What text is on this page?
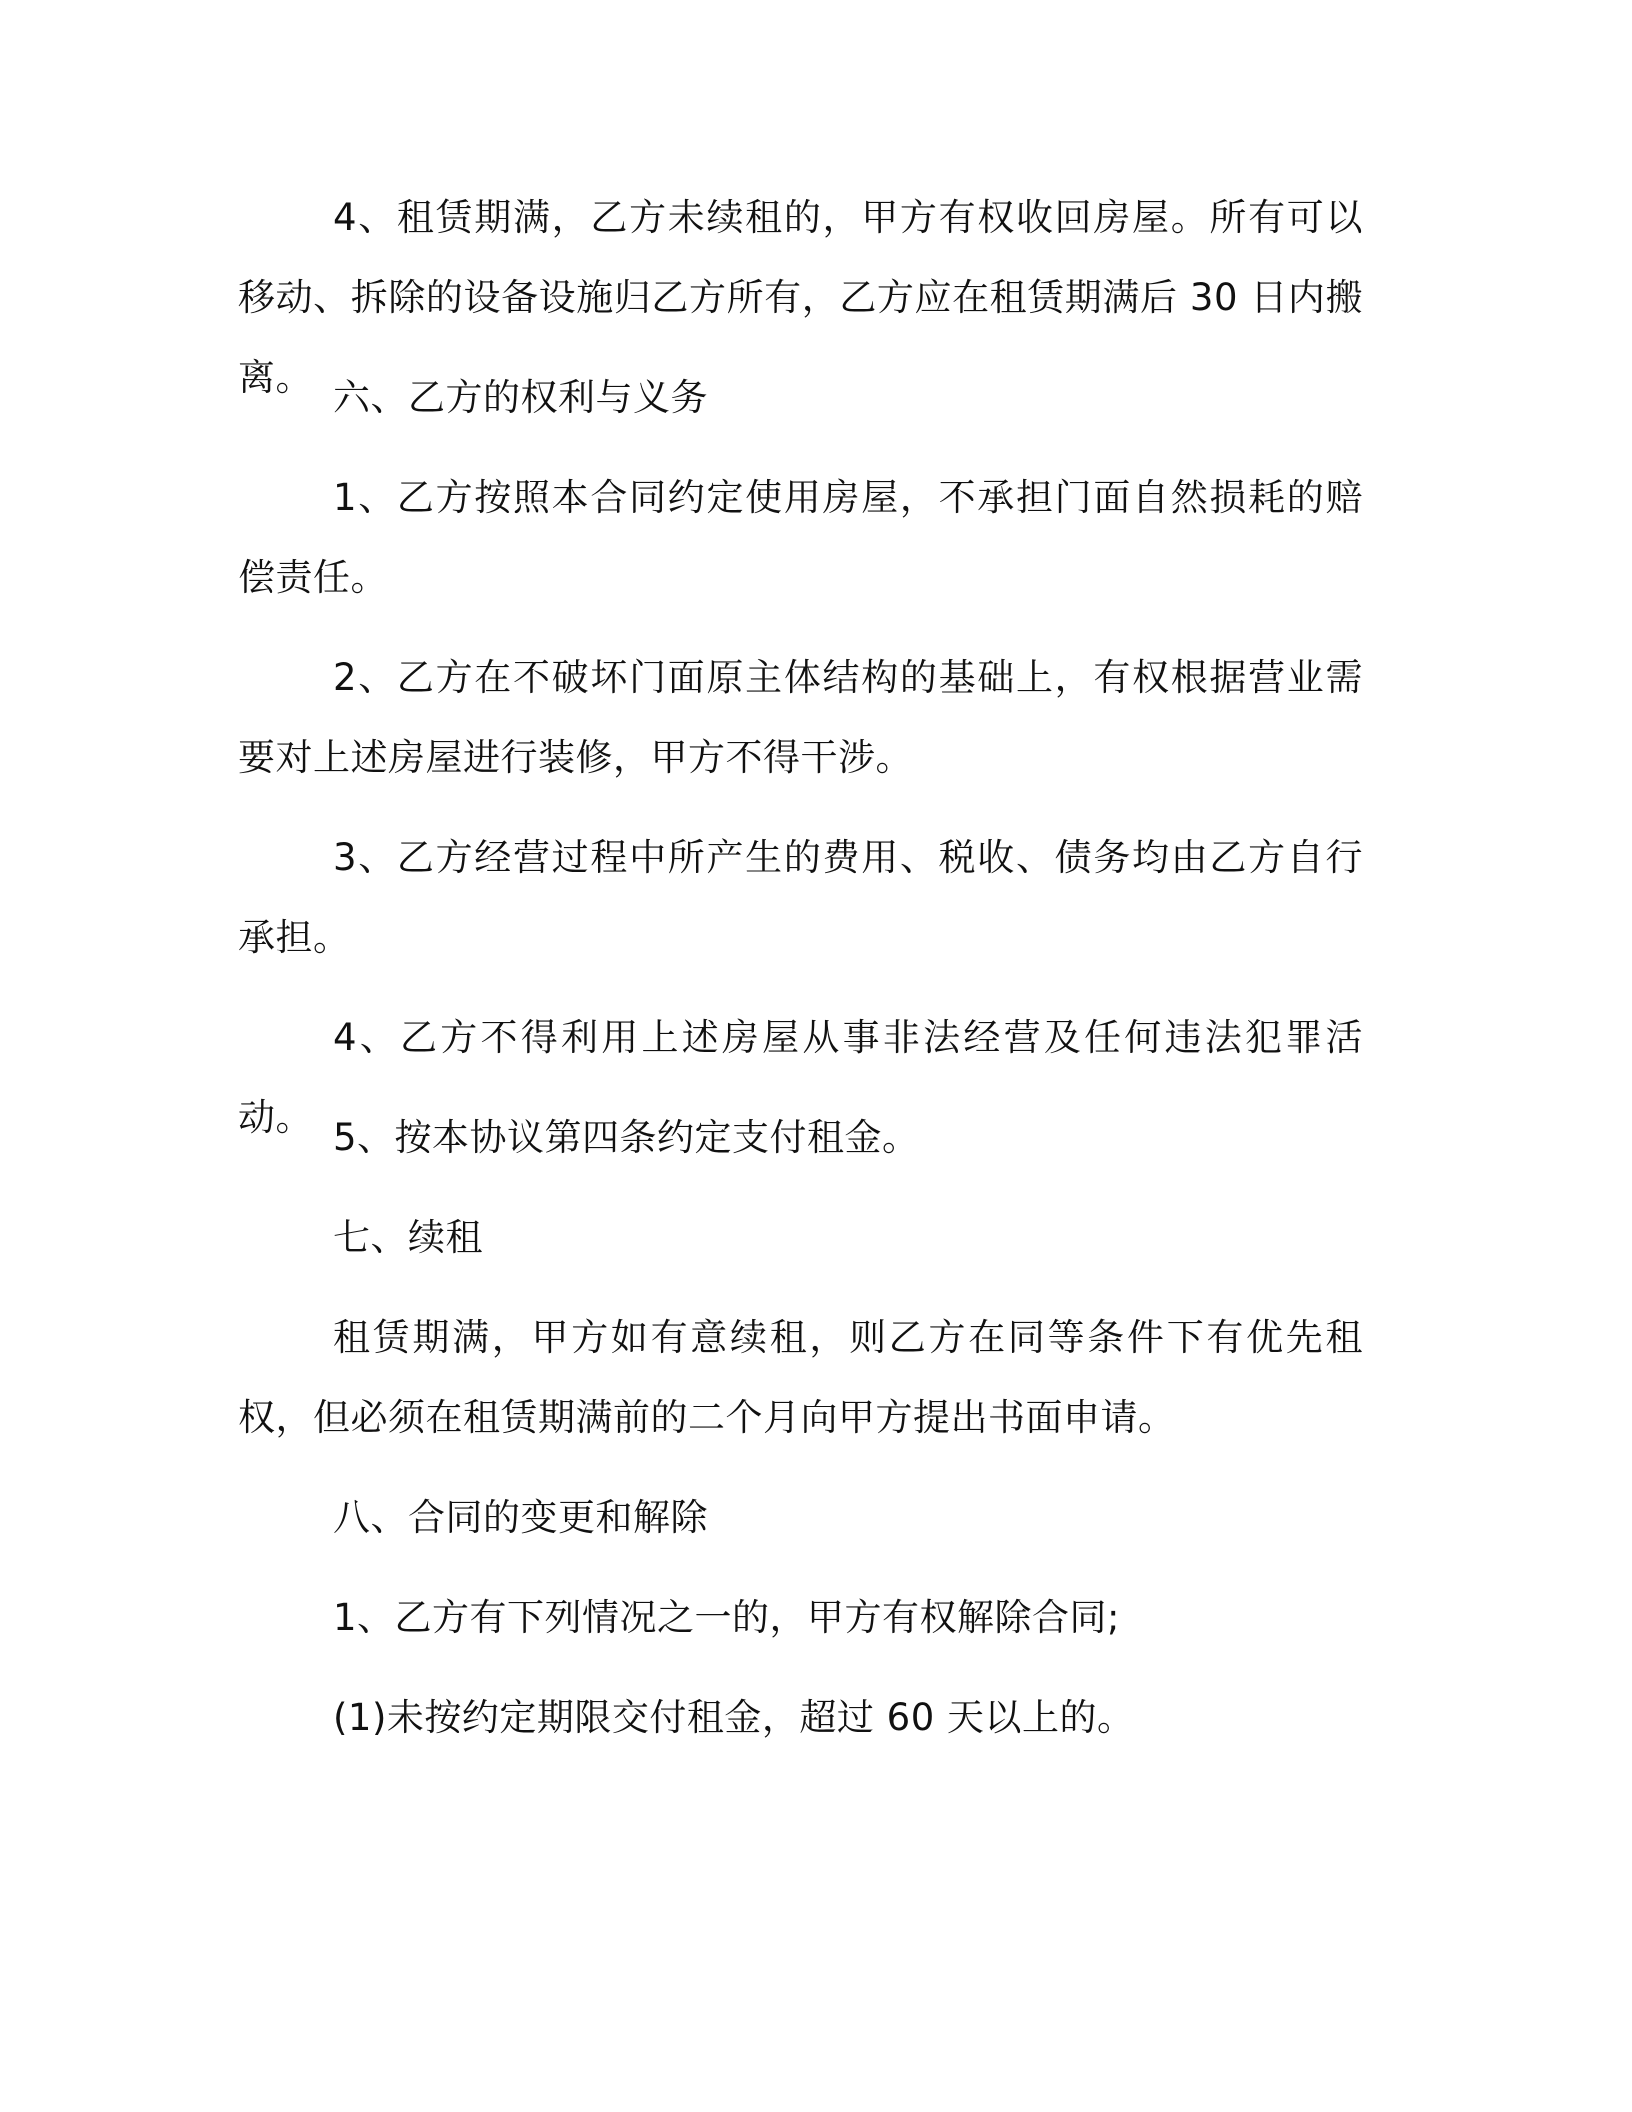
4、租赁期满，乙方未续租的，甲方有权收回房屋。所有可以移动、拆除的设备设施归乙方所有，乙方应在租赁期满后 30 日内搬离。 六、乙方的权利与义务

1、乙方按照本合同约定使用房屋，不承担门面自然损耗的赔偿责任。

2、乙方在不破坏门面原主体结构的基础上，有权根据营业需要对上述房屋进行装修，甲方不得干涉。

3、乙方经营过程中所产生的费用、税收、债务均由乙方自行承担。

4、乙方不得利用上述房屋从事非法经营及任何违法犯罪活动。 5、按本协议第四条约定支付租金。

七、续租

租赁期满，甲方如有意续租，则乙方在同等条件下有优先租权，但必须在租赁期满前的二个月向甲方提出书面申请。

八、合同的变更和解除

1、乙方有下列情况之一的，甲方有权解除合同;

(1)未按约定期限交付租金，超过 60 天以上的。
